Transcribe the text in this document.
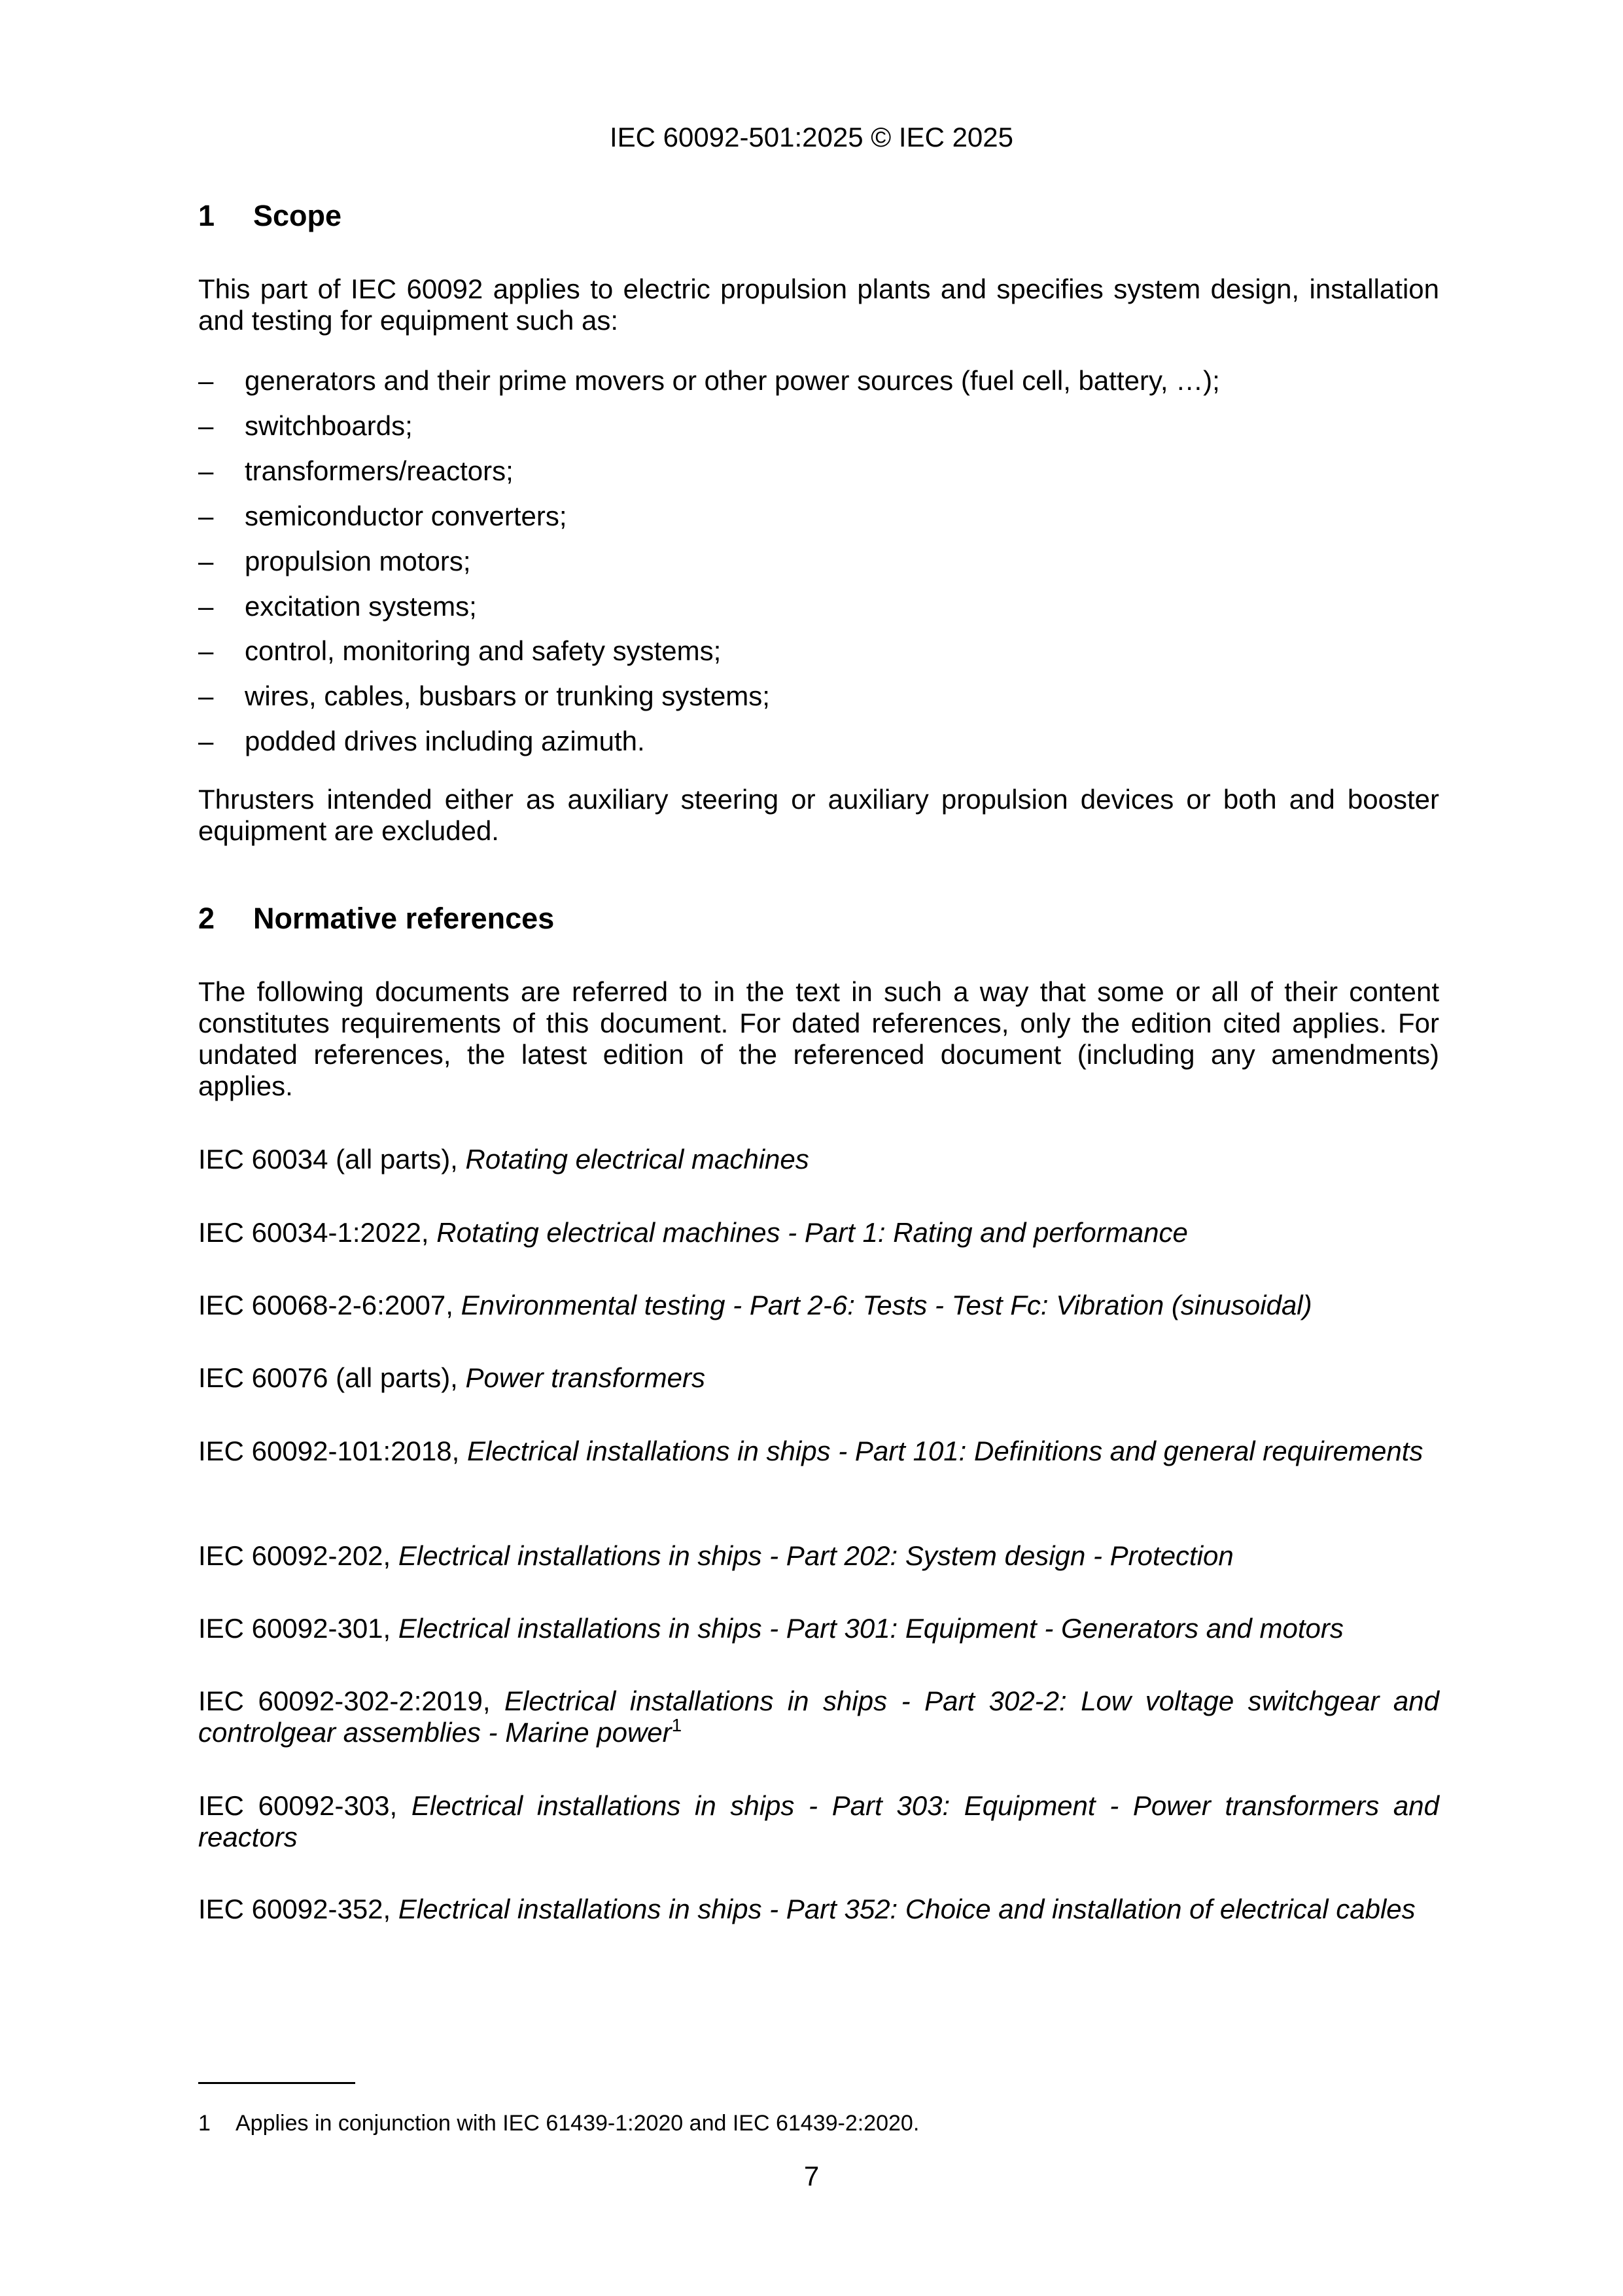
IEC 60092-501:2025 © IEC 2025
1 Scope
This part of IEC 60092 applies to electric propulsion plants and specifies system design, installation and testing for equipment such as:
– generators and their prime movers or other power sources (fuel cell, battery, …);
– switchboards;
– transformers/reactors;
– semiconductor converters;
– propulsion motors;
– excitation systems;
– control, monitoring and safety systems;
– wires, cables, busbars or trunking systems;
– podded drives including azimuth.
Thrusters intended either as auxiliary steering or auxiliary propulsion devices or both and booster equipment are excluded.
2 Normative references
The following documents are referred to in the text in such a way that some or all of their content constitutes requirements of this document. For dated references, only the edition cited applies. For undated references, the latest edition of the referenced document (including any amendments) applies.
IEC 60034 (all parts), Rotating electrical machines
IEC 60034-1:2022, Rotating electrical machines - Part 1: Rating and performance
IEC 60068-2-6:2007, Environmental testing - Part 2-6: Tests - Test Fc: Vibration (sinusoidal)
IEC 60076 (all parts), Power transformers
IEC 60092-101:2018, Electrical installations in ships - Part 101: Definitions and general requirements
IEC 60092-202, Electrical installations in ships - Part 202: System design - Protection
IEC 60092-301, Electrical installations in ships - Part 301: Equipment - Generators and motors
IEC 60092-302-2:2019, Electrical installations in ships - Part 302-2: Low voltage switchgear and controlgear assemblies - Marine power$^1$
IEC 60092-303, Electrical installations in ships - Part 303: Equipment - Power transformers and reactors
IEC 60092-352, Electrical installations in ships - Part 352: Choice and installation of electrical cables
1 Applies in conjunction with IEC 61439-1:2020 and IEC 61439-2:2020.
7
